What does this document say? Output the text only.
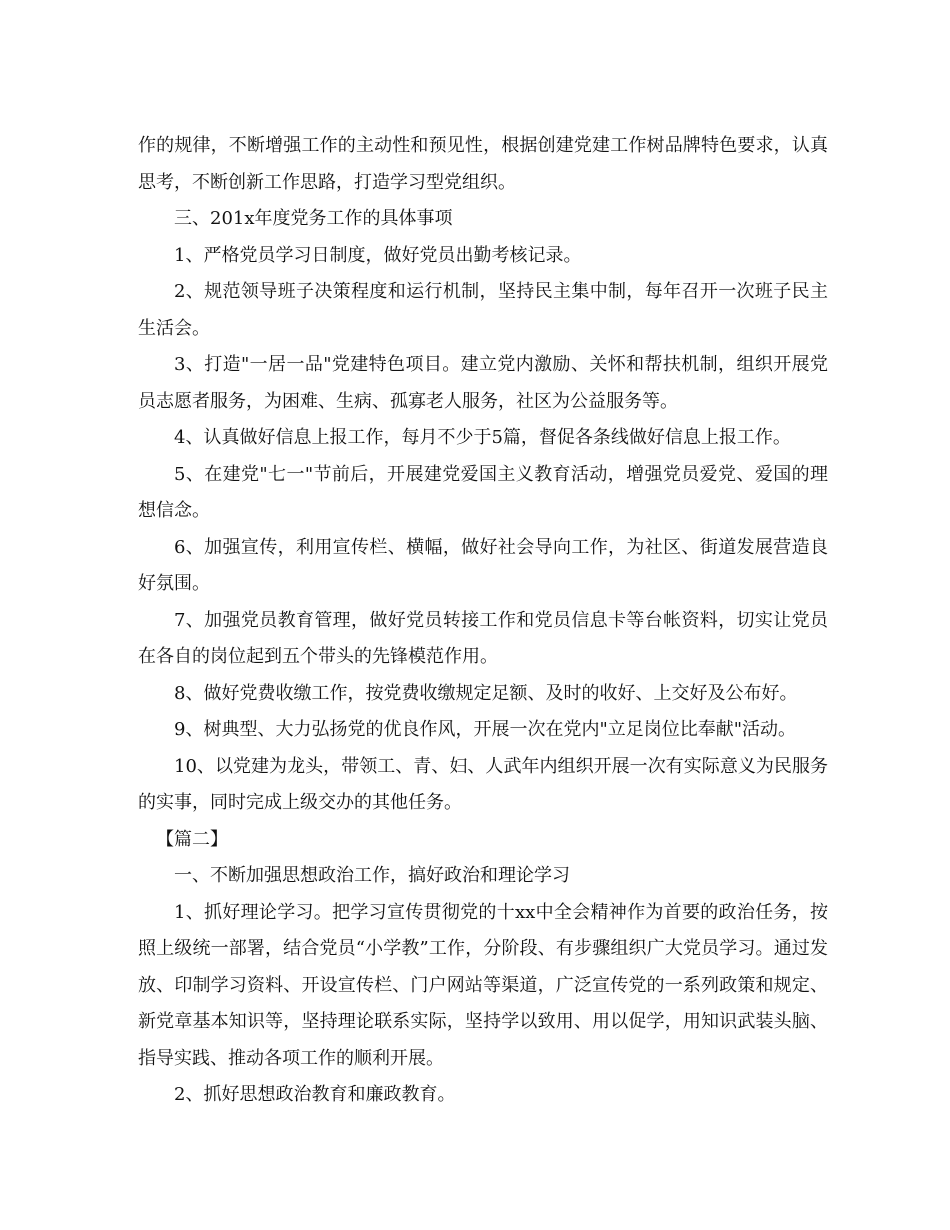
作的规律，不断增强工作的主动性和预见性，根据创建党建工作树品牌特色要求，认真思考，不断创新工作思路，打造学习型党组织。

三、201x年度党务工作的具体事项

1、严格党员学习日制度，做好党员出勤考核记录。

2、规范领导班子决策程度和运行机制，坚持民主集中制，每年召开一次班子民主生活会。

3、打造"一居一品"党建特色项目。建立党内激励、关怀和帮扶机制，组织开展党员志愿者服务，为困难、生病、孤寡老人服务，社区为公益服务等。

4、认真做好信息上报工作，每月不少于5篇，督促各条线做好信息上报工作。

5、在建党"七一"节前后，开展建党爱国主义教育活动，增强党员爱党、爱国的理想信念。

6、加强宣传，利用宣传栏、横幅，做好社会导向工作，为社区、街道发展营造良好氛围。

7、加强党员教育管理，做好党员转接工作和党员信息卡等台帐资料，切实让党员在各自的岗位起到五个带头的先锋模范作用。

8、做好党费收缴工作，按党费收缴规定足额、及时的收好、上交好及公布好。

9、树典型、大力弘扬党的优良作风，开展一次在党内"立足岗位比奉献"活动。

10、以党建为龙头，带领工、青、妇、人武年内组织开展一次有实际意义为民服务的实事，同时完成上级交办的其他任务。

【篇二】

一、不断加强思想政治工作，搞好政治和理论学习

1、抓好理论学习。把学习宣传贯彻党的十xx中全会精神作为首要的政治任务，按照上级统一部署，结合党员“小学教”工作，分阶段、有步骤组织广大党员学习。通过发放、印制学习资料、开设宣传栏、门户网站等渠道，广泛宣传党的一系列政策和规定、新党章基本知识等，坚持理论联系实际，坚持学以致用、用以促学，用知识武装头脑、指导实践、推动各项工作的顺利开展。

2、抓好思想政治教育和廉政教育。
